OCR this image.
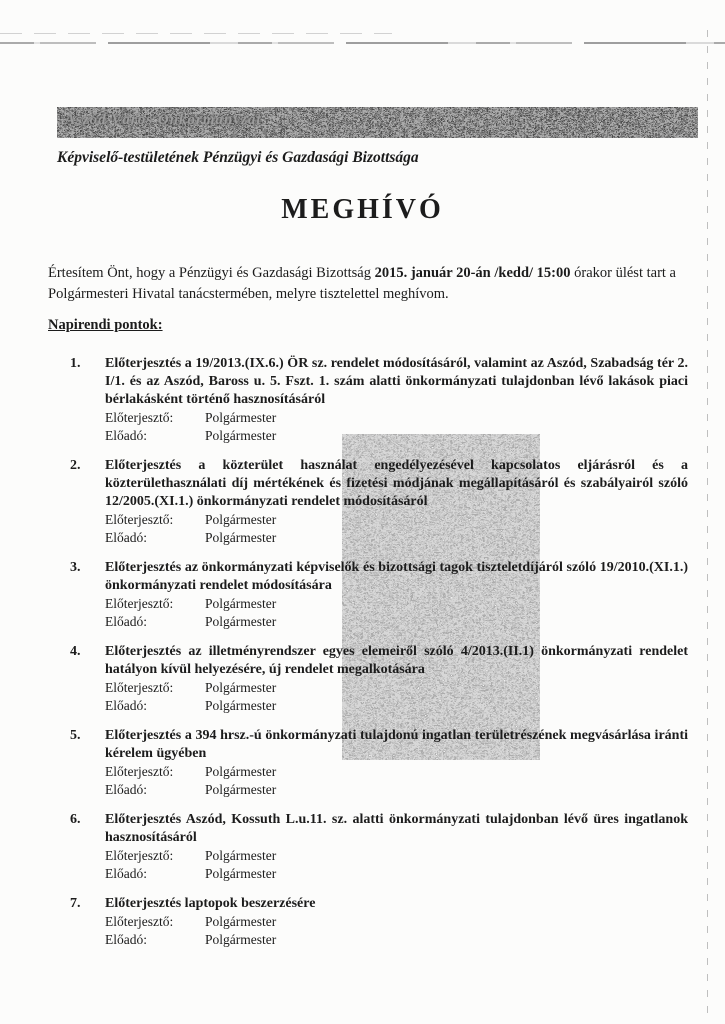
Aszód Város Önkormányzat
Képviselő-testületének Pénzügyi és Gazdasági Bizottsága
MEGHÍVÓ

Értesítem Önt, hogy a Pénzügyi és Gazdasági Bizottság 2015. január 20-án /kedd/ 15:00 órakor ülést tart a Polgármesteri Hivatal tanácstermében, melyre tisztelettel meghívom.

Napirendi pontok:
1.	Előterjesztés a 19/2013.(IX.6.) ÖR sz. rendelet módosításáról, valamint az Aszód, Szabadság tér 2. I/1. és az Aszód, Baross u. 5. Fszt. 1. szám alatti önkormányzati tulajdonban lévő lakások piaci bérlakásként történő hasznosításáról
Előterjesztő: Polgármester
Előadó:	Polgármester
2.	Előterjesztés a közterület használat engedélyezésével kapcsolatos eljárásról és a közterülethasználati díj mértékének és fizetési módjának megállapításáról és szabályairól szóló 12/2005.(XI.1.) önkormányzati rendelet módosításáról
Előterjesztő: Polgármester
Előadó:	Polgármester
3.	Előterjesztés az önkormányzati képviselők és bizottsági tagok tiszteletdíjáról szóló 19/2010.(XI.1.) önkormányzati rendelet módosítására
Előterjesztő: Polgármester
Előadó:	Polgármester
4.	Előterjesztés az illetményrendszer egyes elemeiről szóló 4/2013.(II.1) önkormányzati rendelet hatályon kívül helyezésére, új rendelet megalkotására
Előterjesztő: Polgármester
Előadó:	Polgármester
5.	Előterjesztés a 394 hrsz.-ú önkormányzati tulajdonú ingatlan területrészének megvásárlása iránti kérelem ügyében
Előterjesztő: Polgármester
Előadó:	Polgármester
6.	Előterjesztés Aszód, Kossuth L.u.11. sz. alatti önkormányzati tulajdonban lévő üres ingatlanok hasznosításáról
Előterjesztő: Polgármester
Előadó:	Polgármester
7.	Előterjesztés laptopok beszerzésére
Előterjesztő: Polgármester
Előadó:	Polgármester
